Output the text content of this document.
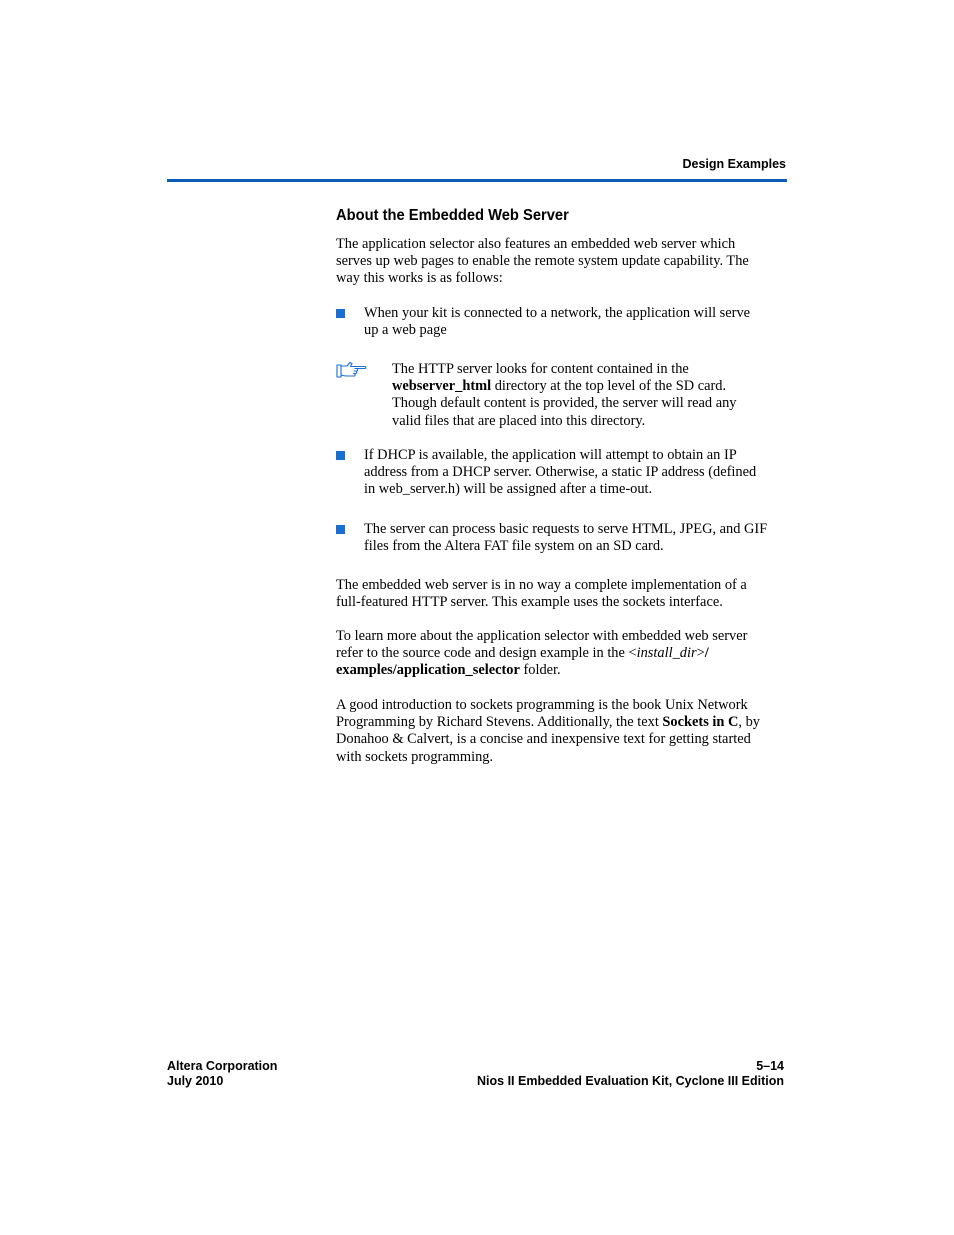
Design Examples
About the Embedded Web Server

The application selector also features an embedded web server which
serves up web pages to enable the remote system update capability. The
way this works is as follows:

When your kit is connected to a network, the application will serve
up a web page
The HTTP server looks for content contained in the
webserver_html directory at the top level of the SD card.
Though default content is provided, the server will read any
valid files that are placed into this directory.
If DHCP is available, the application will attempt to obtain an IP
address from a DHCP server. Otherwise, a static IP address (defined
in web_server.h) will be assigned after a time-out.
The server can process basic requests to serve HTML, JPEG, and GIF
files from the Altera FAT file system on an SD card.

The embedded web server is in no way a complete implementation of a
full-featured HTTP server. This example uses the sockets interface.

To learn more about the application selector with embedded web server
refer to the source code and design example in the <install_dir>/
examples/application_selector folder.

A good introduction to sockets programming is the book Unix Network
Programming by Richard Stevens. Additionally, the text Sockets in C, by
Donahoo & Calvert, is a concise and inexpensive text for getting started
with sockets programming.

Altera Corporation
July 2010
5–14
Nios II Embedded Evaluation Kit, Cyclone III Edition
